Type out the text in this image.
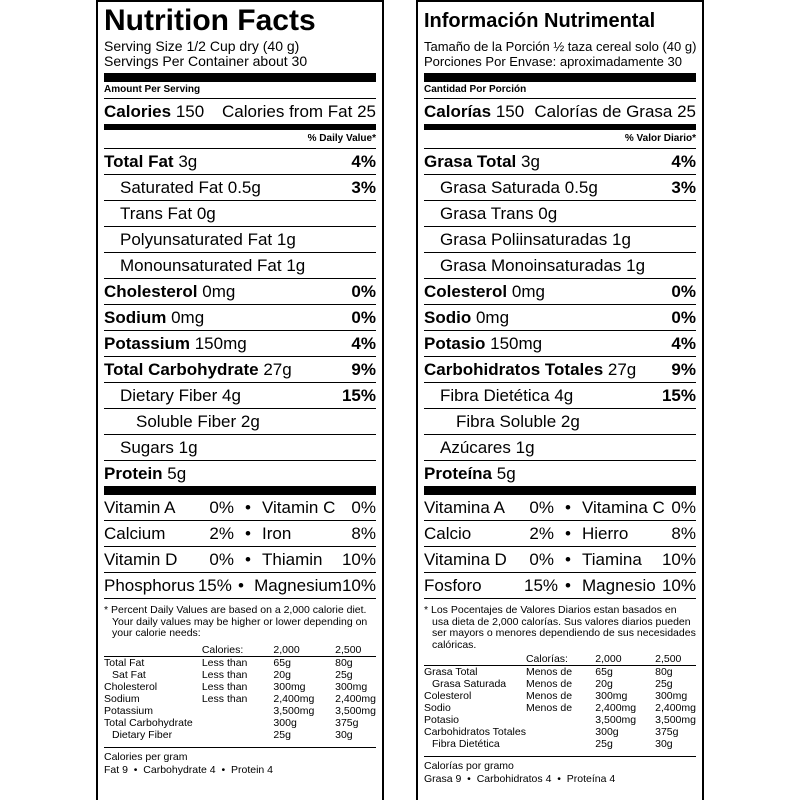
Nutrition Facts
Serving Size 1/2 Cup dry (40 g)
Servings Per Container about 30
Amount Per Serving
Calories 150 Calories from Fat 25
% Daily Value*
Total Fat 3g	4%
Saturated Fat 0.5g	3%
Trans Fat 0g
Polyunsaturated Fat 1g
Monounsaturated Fat 1g
Cholesterol 0mg	0%
Sodium 0mg	0%
Potassium 150mg	4%
Total Carbohydrate 27g	9%
Dietary Fiber 4g	15%
Soluble Fiber 2g
Sugars 1g
Protein 5g
Vitamin A	0% • Vitamin C 0%
Calcium	2% • Iron	8%
Vitamin D	0% • Thiamin	10%
Phosphorus 15% • Magnesium 10%
* Percent Daily Values are based on a 2,000 calorie diet. Your daily values may be higher or lower depending on your calorie needs:
	Calories:	2,000	2,500
Total Fat	Less than	65g	80g
Sat Fat	Less than	20g	25g
Cholesterol	Less than	300mg	300mg
Sodium	Less than	2,400mg	2,400mg
Potassium		3,500mg	3,500mg
Total Carbohydrate		300g	375g
Dietary Fiber		25g	30g
Calories per gram
Fat 9  •  Carbohydrate 4  •  Protein 4
Información Nutrimental
Tamaño de la Porción ½ taza cereal solo (40 g)
Porciones Por Envase: aproximadamente 30
Cantidad Por Porción
Calorías 150 Calorías de Grasa 25
% Valor Diario*
Grasa Total 3g	4%
Grasa Saturada 0.5g	3%
Grasa Trans 0g
Grasa Poliinsaturadas 1g
Grasa Monoinsaturadas 1g
Colesterol 0mg	0%
Sodio 0mg	0%
Potasio 150mg	4%
Carbohidratos Totales 27g 9%
Fibra Dietética 4g	15%
Fibra Soluble 2g
Azúcares 1g
Proteína 5g
Vitamina A	0% • Vitamina C 0%
Calcio	2% • Hierro	8%
Vitamina D	0% • Tiamina	10%
Fosforo	15% • Magnesio 10%
* Los Pocentajes de Valores Diarios estan basados en usa dieta de 2,000 calorías. Sus valores diarios pueden ser mayors o menores dependiendo de sus necesidades calóricas.
	Calorías:	2,000	2,500
Grasa Total	Menos de	65g	80g
Grasa Saturada	Menos de	20g	25g
Colesterol	Menos de	300mg	300mg
Sodio	Menos de	2,400mg	2,400mg
Potasio		3,500mg	3,500mg
Carbohidratos Totales		300g	375g
Fibra Dietética		25g	30g
Calorías por gramo
Grasa 9  •  Carbohidratos 4  •  Proteína 4
